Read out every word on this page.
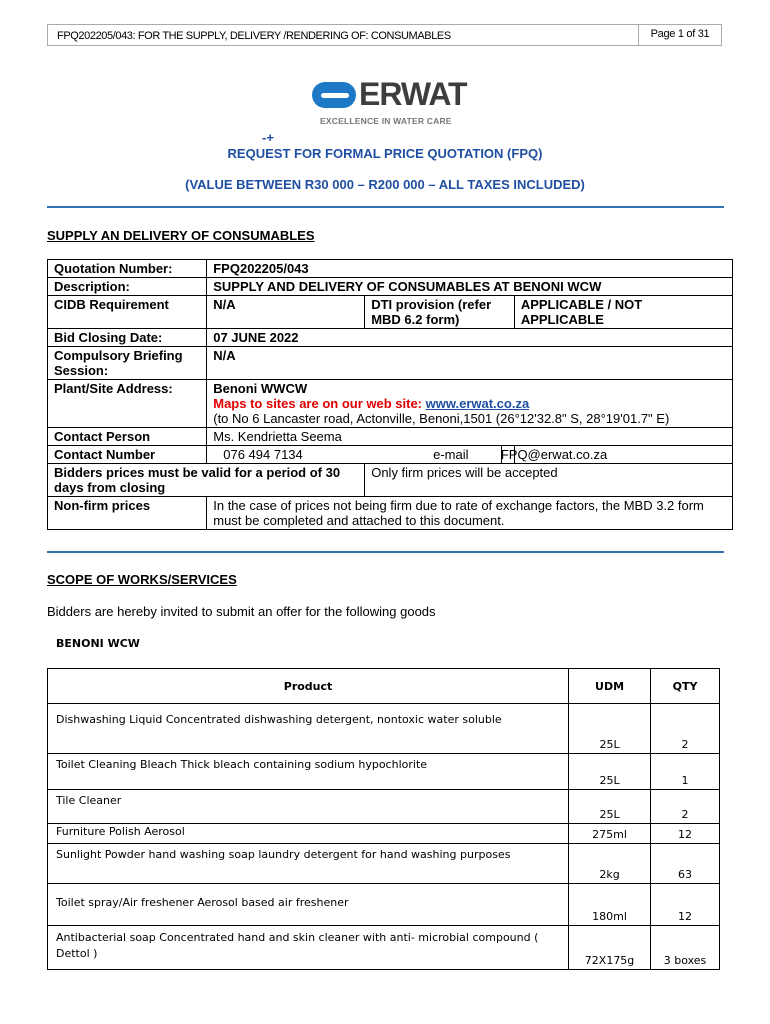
FPQ202205/043: FOR THE SUPPLY, DELIVERY /RENDERING OF: CONSUMABLES	Page 1 of 31
ERWAT
EXCELLENCE IN WATER CARE
-+
REQUEST FOR FORMAL PRICE QUOTATION (FPQ)
(VALUE BETWEEN R30 000 – R200 000 – ALL TAXES INCLUDED)
SUPPLY AN DELIVERY OF CONSUMABLES
Quotation Number:	FPQ202205/043			
Description:	SUPPLY AND DELIVERY OF CONSUMABLES AT BENONI WCW			
CIDB Requirement	N/A	DTI provision (refer MBD 6.2 form)		APPLICABLE / NOT APPLICABLE
Bid Closing Date:	07 JUNE 2022			
Compulsory Briefing Session:	N/A			
Plant/Site Address:	Benoni WWCW
Maps to sites are on our web site: www.erwat.co.za
(to No 6 Lancaster road, Actonville, Benoni,1501 (26°12'32.8" S, 28°19'01.7" E)			

Contact Person	Ms. Kendrietta Seema			
Contact Number	076 494 7134			e-mail FPQ@erwat.co.za
Bidders prices must be valid for a period of 30 days from closing		Only firm prices will be accepted		
Non-firm prices	In the case of prices not being firm due to rate of exchange factors, the MBD 3.2 form must be completed and attached to this document.			
SCOPE OF WORKS/SERVICES
Bidders are hereby invited to submit an offer for the following goods
BENONI WCW
Product	UDM	QTY
Dishwashing Liquid Concentrated dishwashing detergent, nontoxic water soluble	25L	2
Toilet Cleaning Bleach Thick bleach containing sodium hypochlorite	25L	1
Tile Cleaner	25L	2
Furniture Polish Aerosol	275ml	12
Sunlight Powder hand washing soap laundry detergent for hand washing purposes	2kg	63
Toilet spray/Air freshener Aerosol based air freshener	180ml	12
Antibacterial soap Concentrated hand and skin cleaner with anti- microbial compound ( Dettol )	72X175g	3 boxes
